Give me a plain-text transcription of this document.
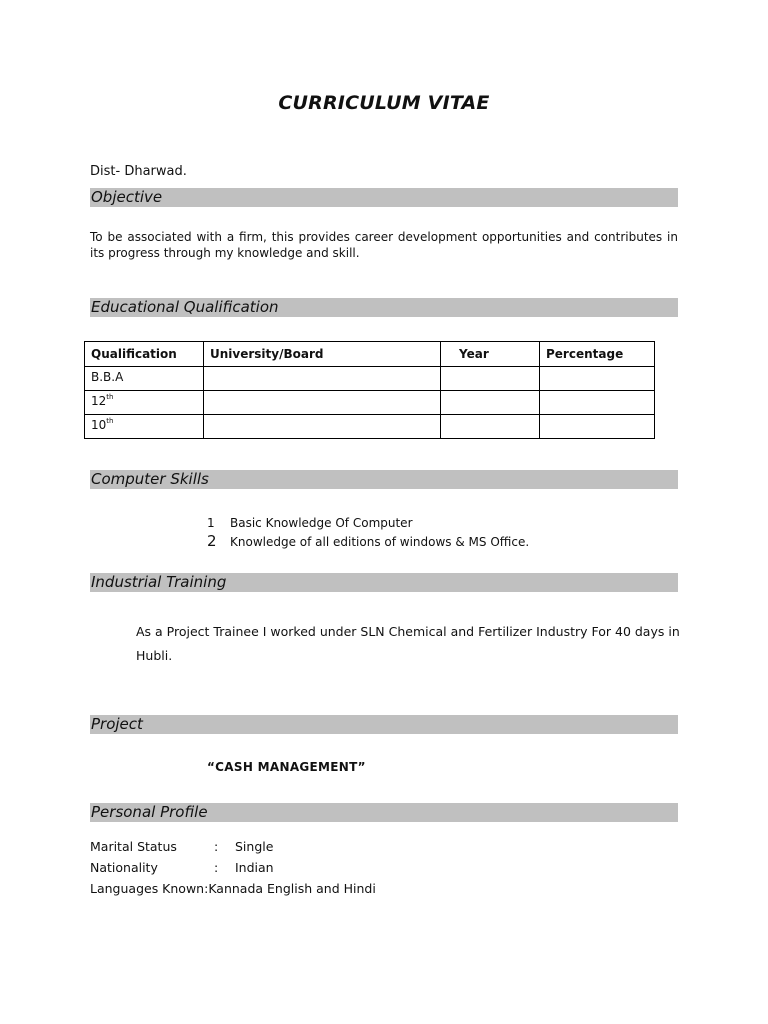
CURRICULUM VITAE
Dist- Dharwad.
Objective
To be associated with a firm, this provides career development opportunities and contributes in its progress through my knowledge and skill.
Educational Qualification
Qualification	University/Board	Year	Percentage
B.B.A			
12th			
10th			
Computer Skills
1 Basic Knowledge Of Computer
2 Knowledge of all editions of windows & MS Office.
Industrial Training
As a Project Trainee I worked under SLN Chemical and Fertilizer Industry For 40 days in Hubli.
Project
“CASH MANAGEMENT”
Personal Profile
Marital Status	: Single
Nationality	: Indian
Languages Known:Kannada English and Hindi
